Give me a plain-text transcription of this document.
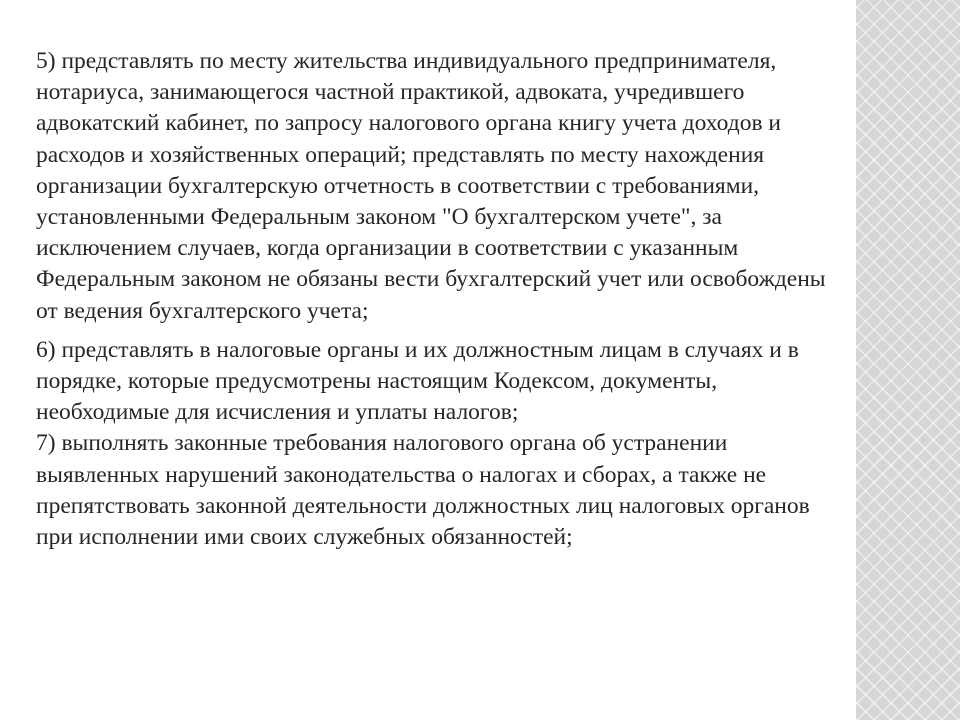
5) представлять по месту жительства индивидуального предпринимателя, нотариуса, занимающегося частной практикой, адвоката, учредившего адвокатский кабинет, по запросу налогового органа книгу учета доходов и расходов и хозяйственных операций; представлять по месту нахождения организации бухгалтерскую отчетность в соответствии с требованиями, установленными Федеральным законом "О бухгалтерском учете", за исключением случаев, когда организации в соответствии с указанным Федеральным законом не обязаны вести бухгалтерский учет или освобождены от ведения бухгалтерского учета;

6) представлять в налоговые органы и их должностным лицам в случаях и в порядке, которые предусмотрены настоящим Кодексом, документы, необходимые для исчисления и уплаты налогов;

7) выполнять законные требования налогового органа об устранении выявленных нарушений законодательства о налогах и сборах, а также не препятствовать законной деятельности должностных лиц налоговых органов при исполнении ими своих служебных обязанностей;
